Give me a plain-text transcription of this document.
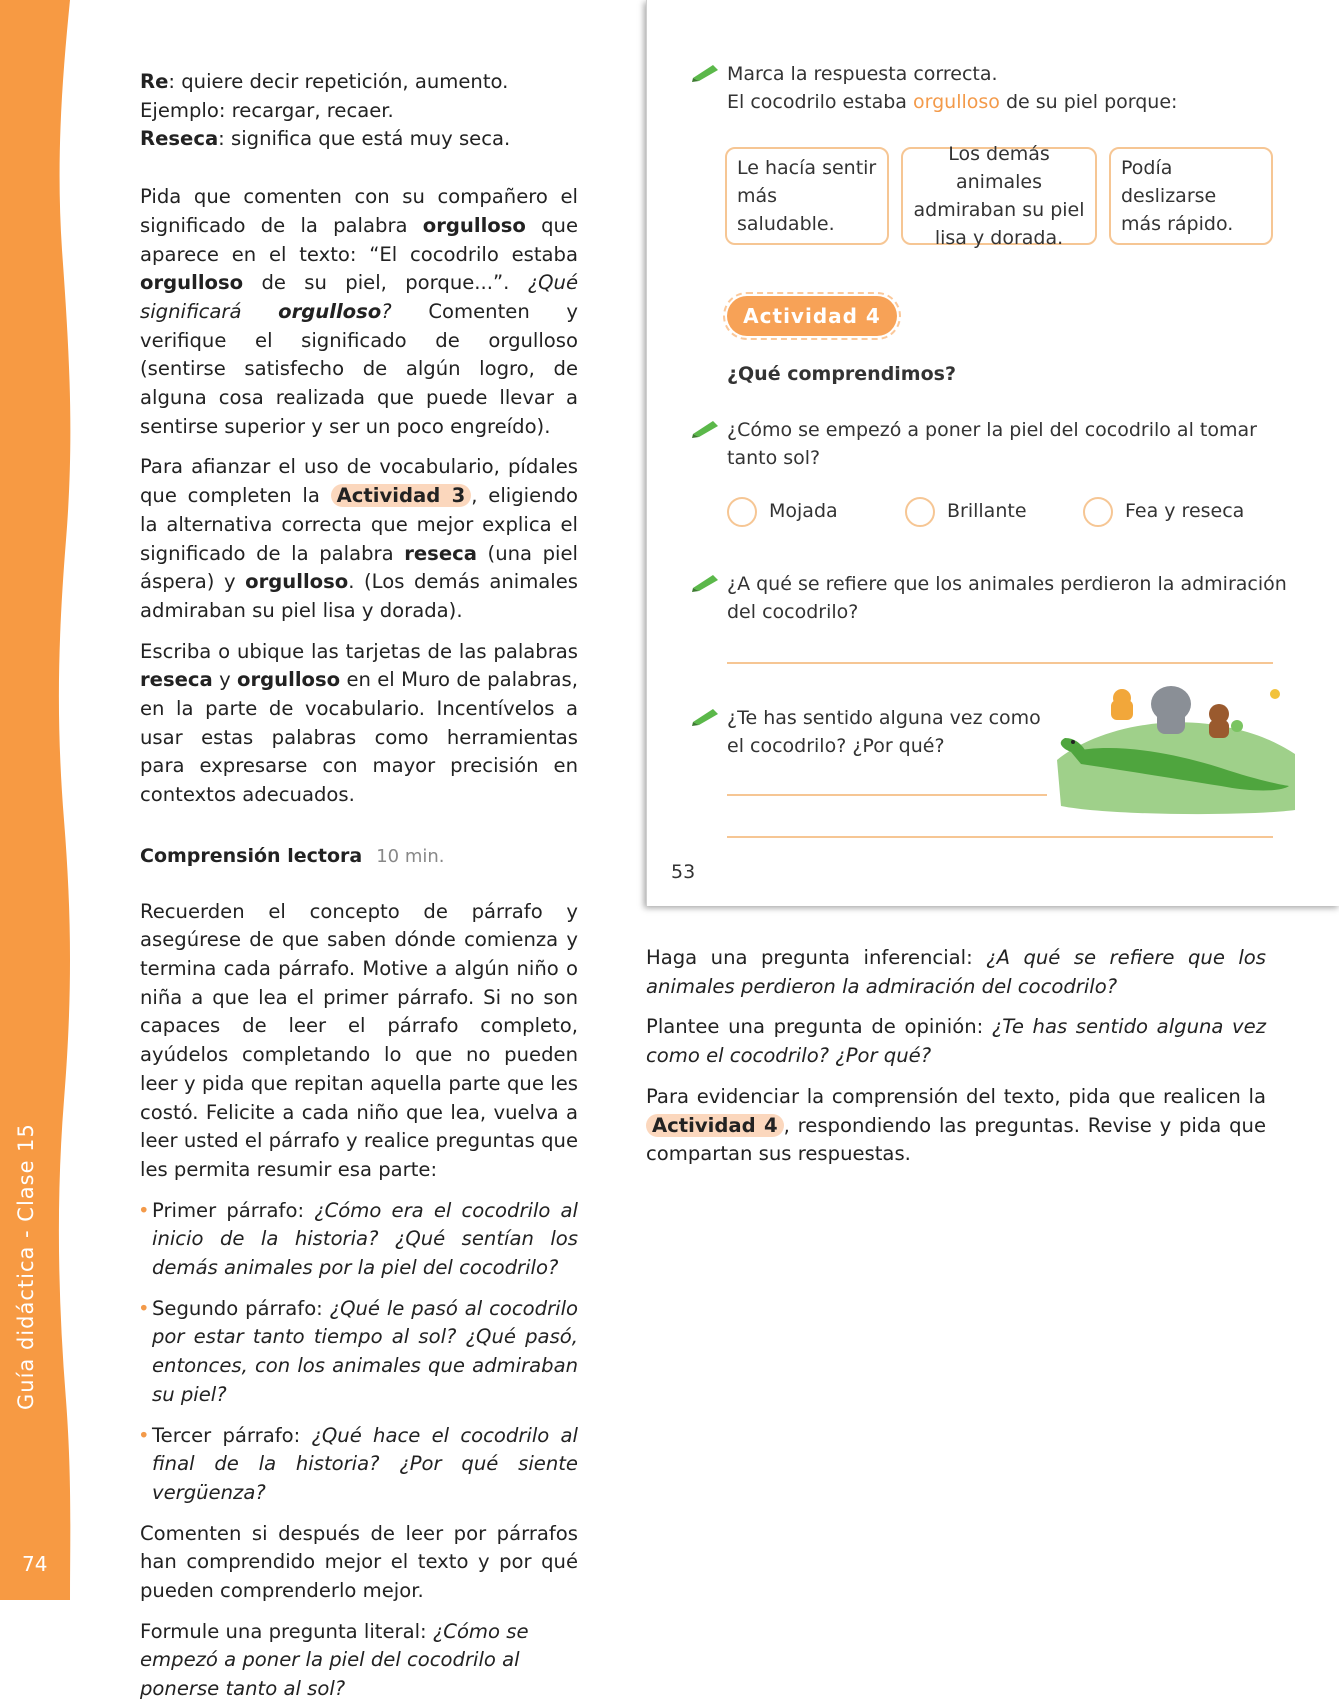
Guía didáctica - Clase 15
74

Re: quiere decir repetición, aumento. Ejemplo: recargar, recaer.

Reseca: significa que está muy seca.

Pida que comenten con su compañero el significado de la palabra orgulloso que aparece en el texto: “El cocodrilo estaba orgulloso de su piel, porque...”. ¿Qué significará orgulloso? Comenten y verifique el significado de orgulloso (sentirse satisfecho de algún logro, de alguna cosa realizada que puede llevar a sentirse superior y ser un poco engreído).

Para afianzar el uso de vocabulario, pídales que completen la Actividad 3 , eligiendo la alternativa correcta que mejor explica el significado de la palabra reseca (una piel áspera) y orgulloso. (Los demás animales admiraban su piel lisa y dorada).

Escriba o ubique las tarjetas de las palabras reseca y orgulloso en el Muro de palabras, en la parte de vocabulario. Incentívelos a usar estas palabras como herramientas para expresarse con mayor precisión en contextos adecuados.

Comprensión lectora 10 min.

Recuerden el concepto de párrafo y asegúrese de que saben dónde comienza y termina cada párrafo. Motive a algún niño o niña a que lea el primer párrafo. Si no son capaces de leer el párrafo completo, ayúdelos completando lo que no pueden leer y pida que repitan aquella parte que les costó. Felicite a cada niño que lea, vuelva a leer usted el párrafo y realice preguntas que les permita resumir esa parte:

• Primer párrafo: ¿Cómo era el cocodrilo al inicio de la historia? ¿Qué sentían los demás animales por la piel del cocodrilo?

• Segundo párrafo: ¿Qué le pasó al cocodrilo por estar tanto tiempo al sol? ¿Qué pasó, entonces, con los animales que admiraban su piel?

• Tercer párrafo: ¿Qué hace el cocodrilo al final de la historia? ¿Por qué siente vergüenza?

Comenten si después de leer por párrafos han comprendido mejor el texto y por qué pueden comprenderlo mejor.

Formule una pregunta literal: ¿Cómo se empezó a poner la piel del cocodrilo al ponerse tanto al sol?

Marca la respuesta correcta.
El cocodrilo estaba orgulloso de su piel porque:
Le hacía sentir más saludable.
Los demás animales admiraban su piel lisa y dorada.
Podía deslizarse más rápido.
Actividad 4
¿Qué comprendimos?
¿Cómo se empezó a poner la piel del cocodrilo al tomar tanto sol?
Mojada	Brillante	Fea y reseca
¿A qué se refiere que los animales perdieron la admiración del cocodrilo?
¿Te has sentido alguna vez como el cocodrilo? ¿Por qué?
53

Haga una pregunta inferencial: ¿A qué se refiere que los animales perdieron la admiración del cocodrilo?

Plantee una pregunta de opinión: ¿Te has sentido alguna vez como el cocodrilo? ¿Por qué?

Para evidenciar la comprensión del texto, pida que realicen la Actividad 4 , respondiendo las preguntas. Revise y pida que compartan sus respuestas.
